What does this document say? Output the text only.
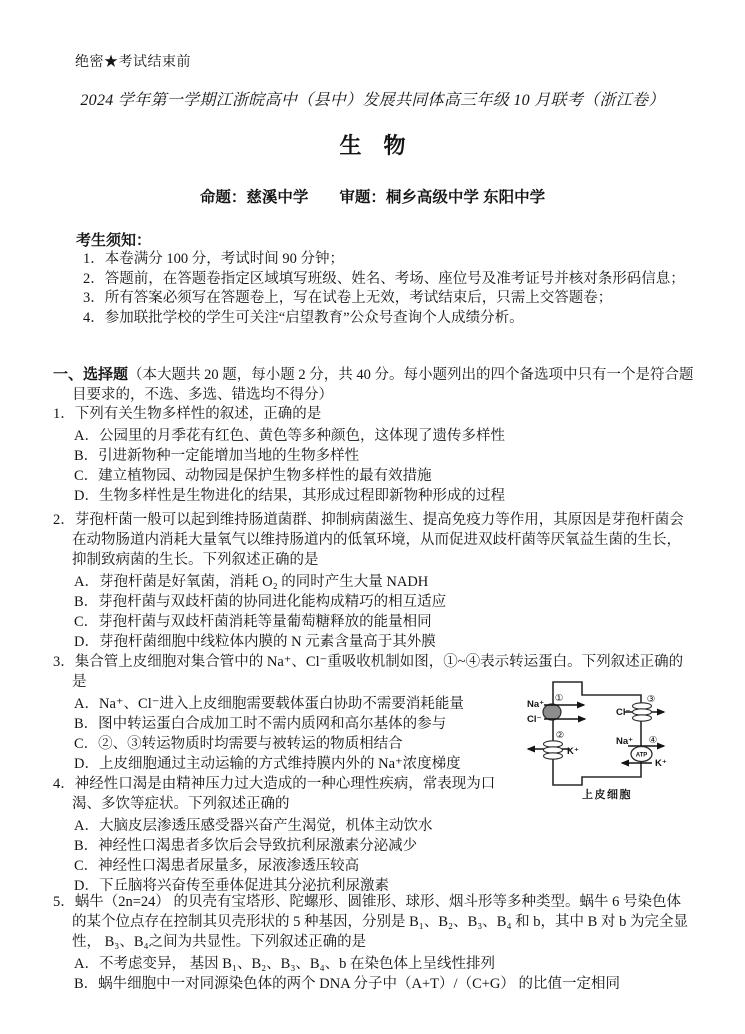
绝密★考试结束前
2024 学年第一学期江浙皖高中（县中）发展共同体高三年级 10 月联考（浙江卷）
生　物
命题：慈溪中学　　审题：桐乡高级中学 东阳中学
考生须知：
1．本卷满分 100 分，考试时间 90 分钟；
2．答题前，在答题卷指定区域填写班级、姓名、考场、座位号及准考证号并核对条形码信息；
3．所有答案必须写在答题卷上，写在试卷上无效，考试结束后，只需上交答题卷；
4．参加联批学校的学生可关注“启望教育”公众号查询个人成绩分析。
一、选择题（本大题共 20 题，每小题 2 分，共 40 分。每小题列出的四个备选项中只有一个是符合题目要求的，不选、多选、错选均不得分）

1．下列有关生物多样性的叙述，正确的是

A．公园里的月季花有红色、黄色等多种颜色，这体现了遗传多样性
B．引进新物种一定能增加当地的生物多样性
C．建立植物园、动物园是保护生物多样性的最有效措施
D．生物多样性是生物进化的结果，其形成过程即新物种形成的过程

2．芽孢杆菌一般可以起到维持肠道菌群、抑制病菌滋生、提高免疫力等作用，其原因是芽孢杆菌会在动物肠道内消耗大量氧气以维持肠道内的低氧环境，从而促进双歧杆菌等厌氧益生菌的生长，抑制致病菌的生长。下列叙述正确的是

A．芽孢杆菌是好氧菌，消耗 O₂ 的同时产生大量 NADH
B．芽孢杆菌与双歧杆菌的协同进化能构成精巧的相互适应
C．芽孢杆菌与双歧杆菌消耗等量葡萄糖释放的能量相同
D．芽孢杆菌细胞中线粒体内膜的 N 元素含量高于其外膜

3．集合管上皮细胞对集合管中的 Na⁺、Cl⁻重吸收机制如图，①~④表示转运蛋白。下列叙述正确的是

A．Na⁺、Cl⁻进入上皮细胞需要载体蛋白协助不需要消耗能量
B．图中转运蛋白合成加工时不需内质网和高尔基体的参与
C．②、③转运物质时均需要与被转运的物质相结合
D．上皮细胞通过主动运输的方式维持膜内外的 Na⁺浓度梯度

4．神经性口渴是由精神压力过大造成的一种心理性疾病，常表现为口渴、多饮等症状。下列叙述正确的

A．大脑皮层渗透压感受器兴奋产生渴觉，机体主动饮水
B．神经性口渴患者多饮后会导致抗利尿激素分泌减少
C．神经性口渴患者尿量多，尿液渗透压较高
D．下丘脑将兴奋传至垂体促进其分泌抗利尿激素

5．蜗牛（2n=24） 的贝壳有宝塔形、陀螺形、圆锥形、球形、烟斗形等多种类型。蜗牛 6 号染色体的某个位点存在控制其贝壳形状的 5 种基因，分别是 B₁、B₂、B₃、B₄ 和 b，其中 B 对 b 为完全显性， B₃、B₄之间为共显性。下列叙述正确的是

A．不考虑变异， 基因 B₁、B₂、B₃、B₄、b 在染色体上呈线性排列
B．蜗牛细胞中一对同源染色体的两个 DNA 分子中（A+T）/（C+G） 的比值一定相同
①
Na⁺
Cl⁻
②
K⁺
③
Cl⁻
ATP
④
Na⁺
K⁺
上皮细胞
